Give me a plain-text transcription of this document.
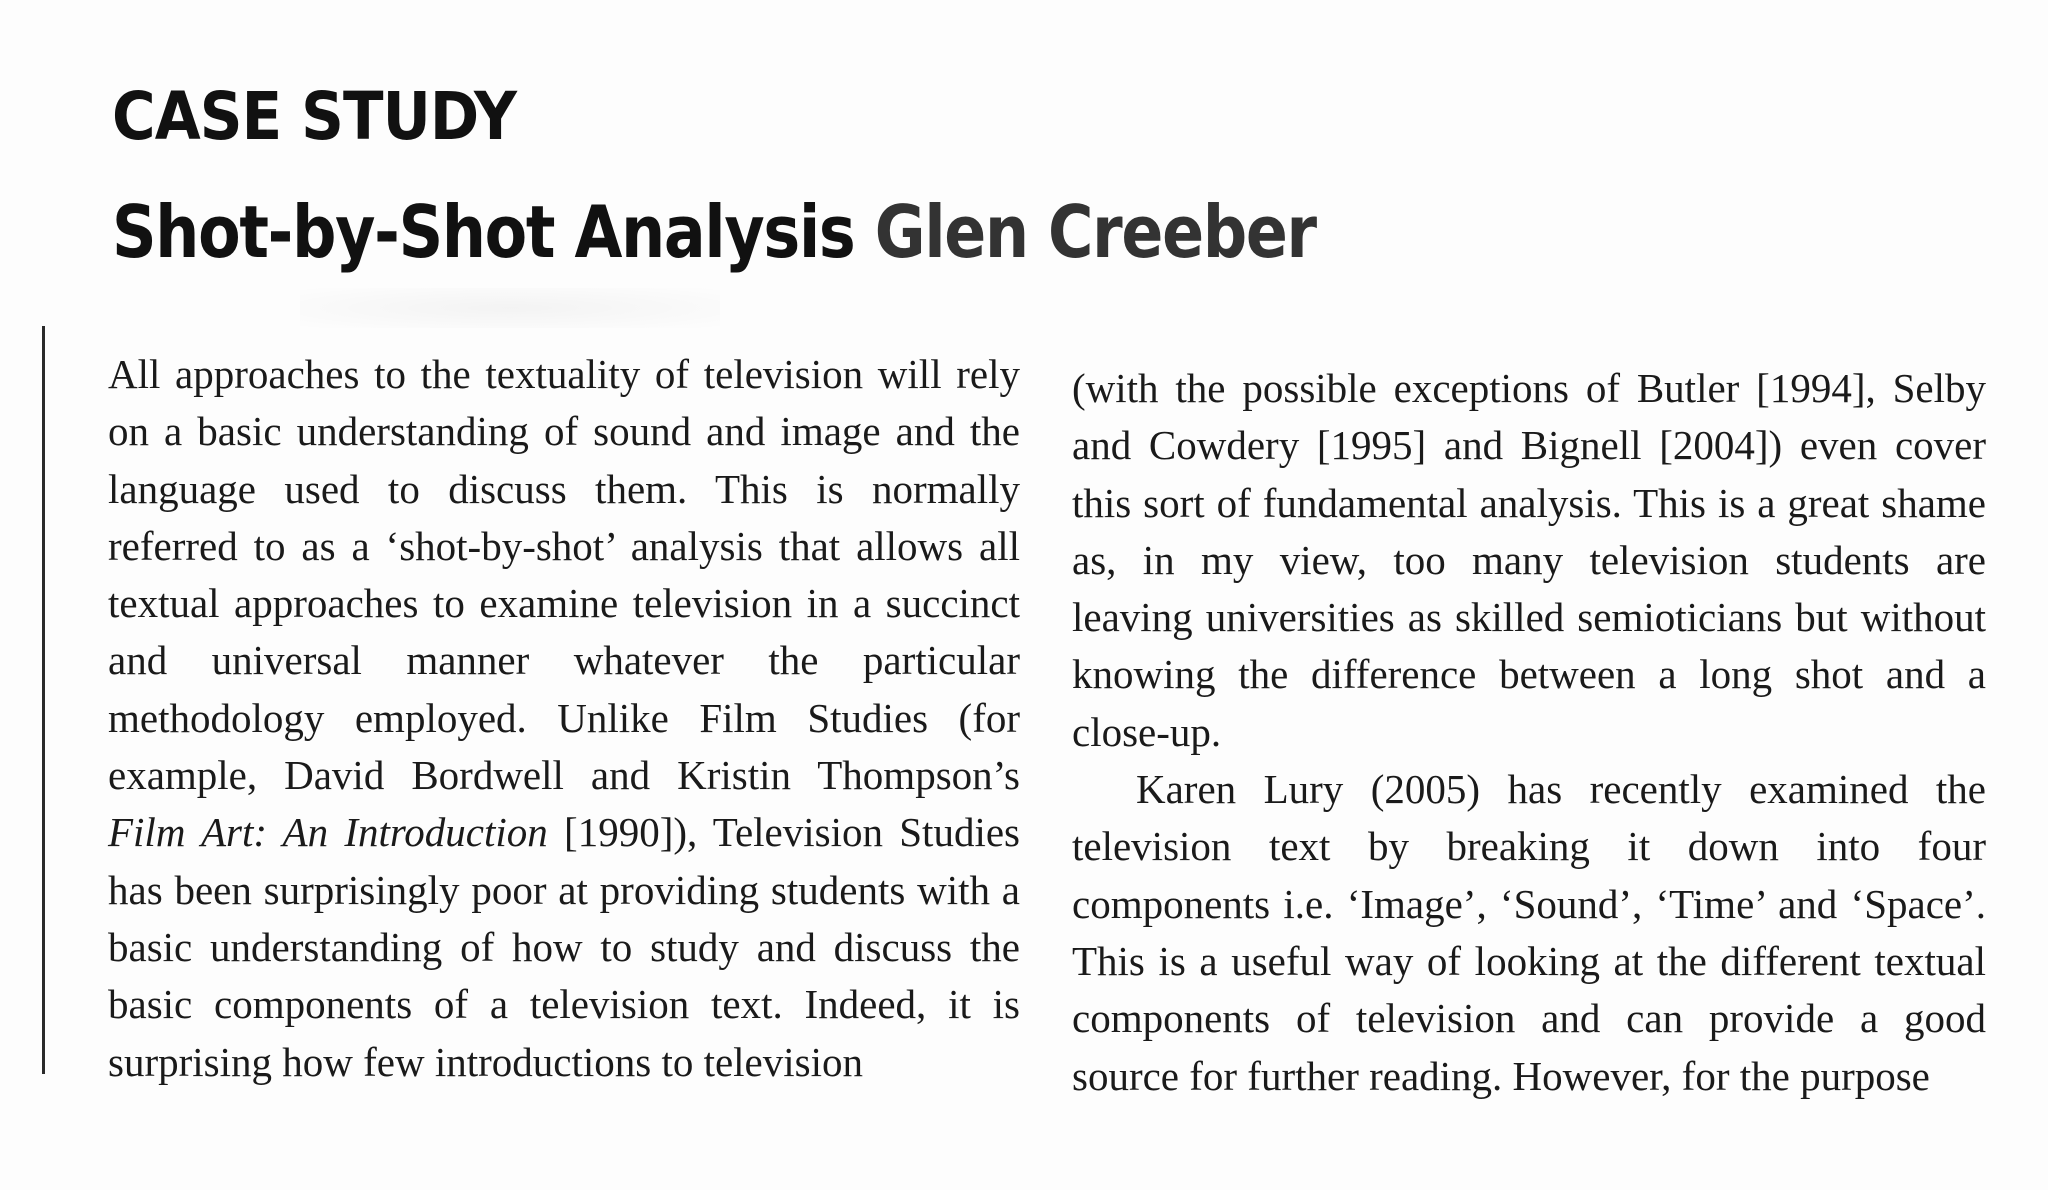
CASE STUDY
Shot-by-Shot Analysis Glen Creeber

All approaches to the textuality of television will rely on a basic understanding of sound and image and the language used to discuss them. This is normally referred to as a ‘shot-by-shot’ analysis that allows all textual approaches to examine television in a succinct and universal manner whatever the particular methodology employed. Unlike Film Studies (for example, David Bordwell and Kristin Thompson’s Film Art: An Introduction [1990]), Television Studies has been surprisingly poor at providing students with a basic understanding of how to study and discuss the basic components of a television text. Indeed, it is surprising how few introductions to television

(with the possible exceptions of Butler [1994], Selby and Cowdery [1995] and Bignell [2004]) even cover this sort of fundamental analysis. This is a great shame as, in my view, too many television students are leaving universities as skilled semioticians but without knowing the difference between a long shot and a close-up.

Karen Lury (2005) has recently examined the television text by breaking it down into four components i.e. ‘Image’, ‘Sound’, ‘Time’ and ‘Space’. This is a useful way of looking at the different textual components of television and can provide a good source for further reading. However, for the purpose
